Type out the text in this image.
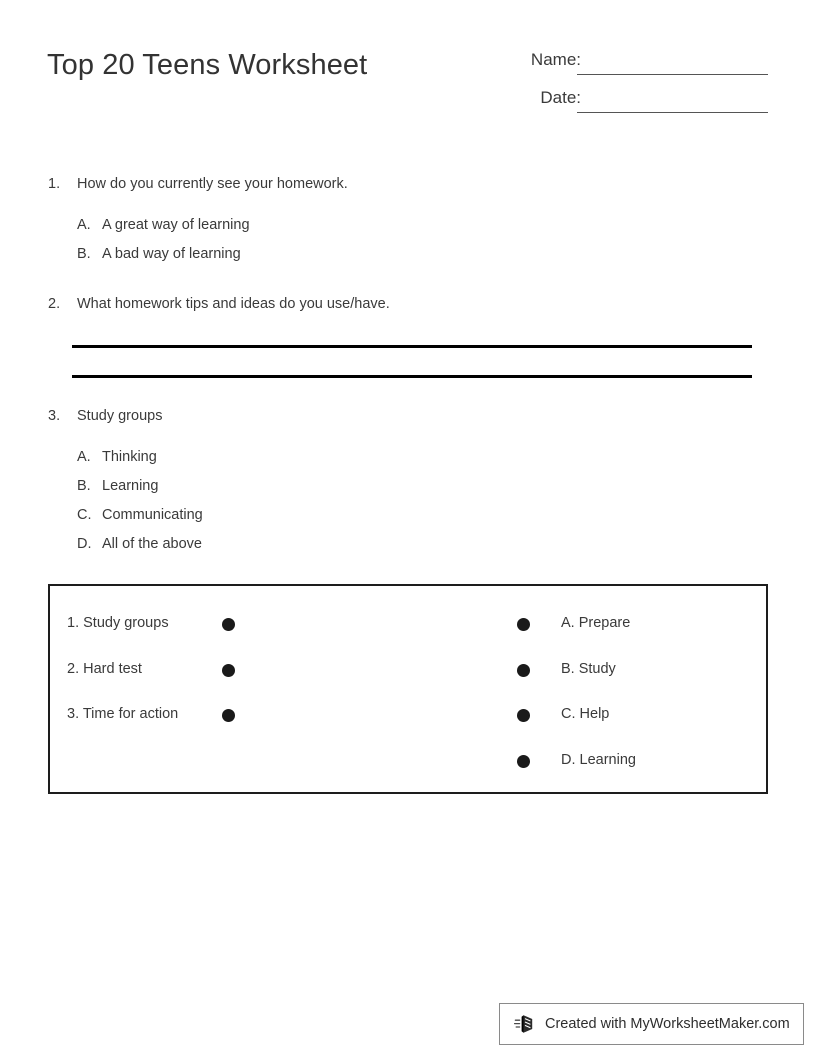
Top 20 Teens Worksheet	Name:
Date:
1. How do you currently see your homework.
A. A great way of learning
B. A bad way of learning
2. What homework tips and ideas do you use/have.
3. Study groups
A. Thinking
B. Learning
C. Communicating
D. All of the above
1. Study groups
2. Hard test
3. Time for action
A. Prepare
B. Study
C. Help
D. Learning
Created with MyWorksheetMaker.com
